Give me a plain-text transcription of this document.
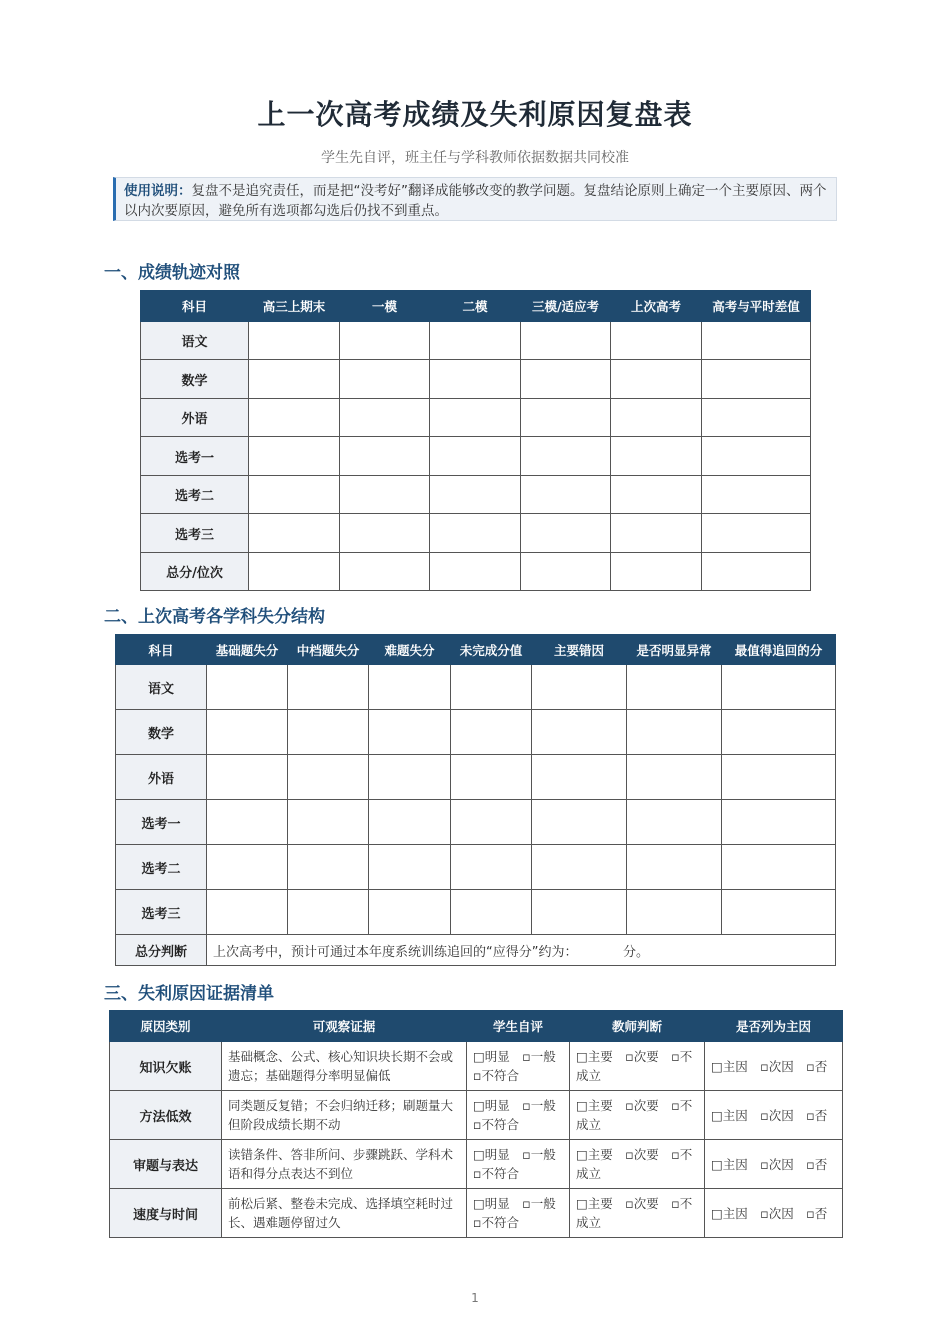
上一次高考成绩及失利原因复盘表
学生先自评，班主任与学科教师依据数据共同校准
使用说明：复盘不是追究责任，而是把“没考好”翻译成能够改变的教学问题。复盘结论原则上确定一个主要原因、两个以内次要原因，避免所有选项都勾选后仍找不到重点。
一、成绩轨迹对照
科目	高三上期末	一模	二模	三模/适应考	上次高考	高考与平时差值
语文						
数学						
外语						
选考一						
选考二						
选考三						
总分/位次						
二、上次高考各学科失分结构
科目	基础题失分	中档题失分	难题失分	未完成分值	主要错因	是否明显异常	最值得追回的分
语文							
数学							
外语							
选考一							
选考二							
选考三							
总分判断	上次高考中，预计可通过本年度系统训练追回的“应得分”约为：　　　　分。						
三、失利原因证据清单
原因类别	可观察证据	学生自评	教师判断	是否列为主因
知识欠账	基础概念、公式、核心知识块长期不会或遗忘；基础题得分率明显偏低	□明显　▫一般 ▫不符合	□主要　▫次要　▫不成立	□主因　▫次因　▫否
方法低效	同类题反复错；不会归纳迁移；刷题量大但阶段成绩长期不动	□明显　▫一般 ▫不符合	□主要　▫次要　▫不成立	□主因　▫次因　▫否
审题与表达	读错条件、答非所问、步骤跳跃、学科术语和得分点表达不到位	□明显　▫一般 ▫不符合	□主要　▫次要　▫不成立	□主因　▫次因　▫否
速度与时间	前松后紧、整卷未完成、选择填空耗时过长、遇难题停留过久	□明显　▫一般 ▫不符合	□主要　▫次要　▫不成立	□主因　▫次因　▫否
1
